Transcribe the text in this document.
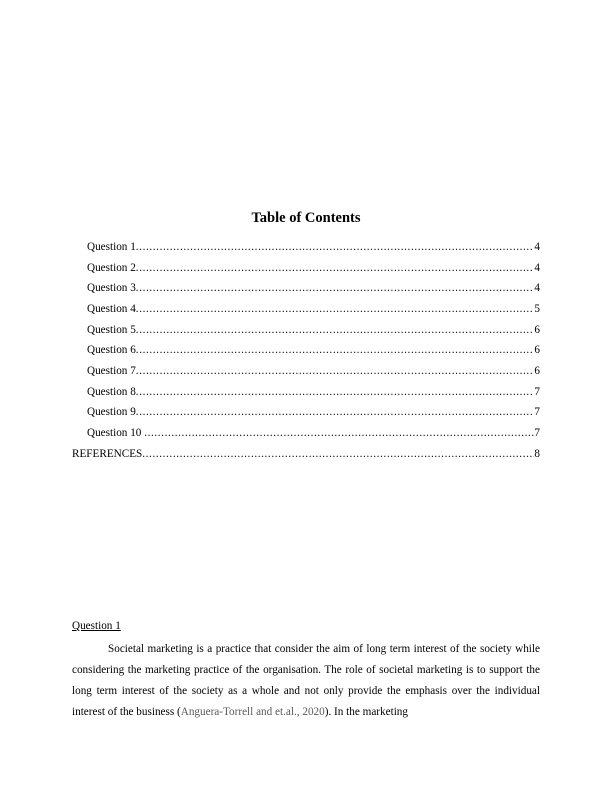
Table of Contents
Question 1 .....	4
Question 2 .....	4
Question 3 .....	4
Question 4 .....	5
Question 5 .....	6
Question 6 .....	6
Question 7 .....	6
Question 8 .....	7
Question 9 .....	7
Question 10 .....	7
REFERENCES .....	8

Question 1

Societal marketing is a practice that consider the aim of long term interest of the society while considering the marketing practice of the organisation. The role of societal marketing is to support the long term interest of the society as a whole and not only provide the emphasis over the individual interest of the business (Anguera-Torrell and et.al., 2020). In the marketing
